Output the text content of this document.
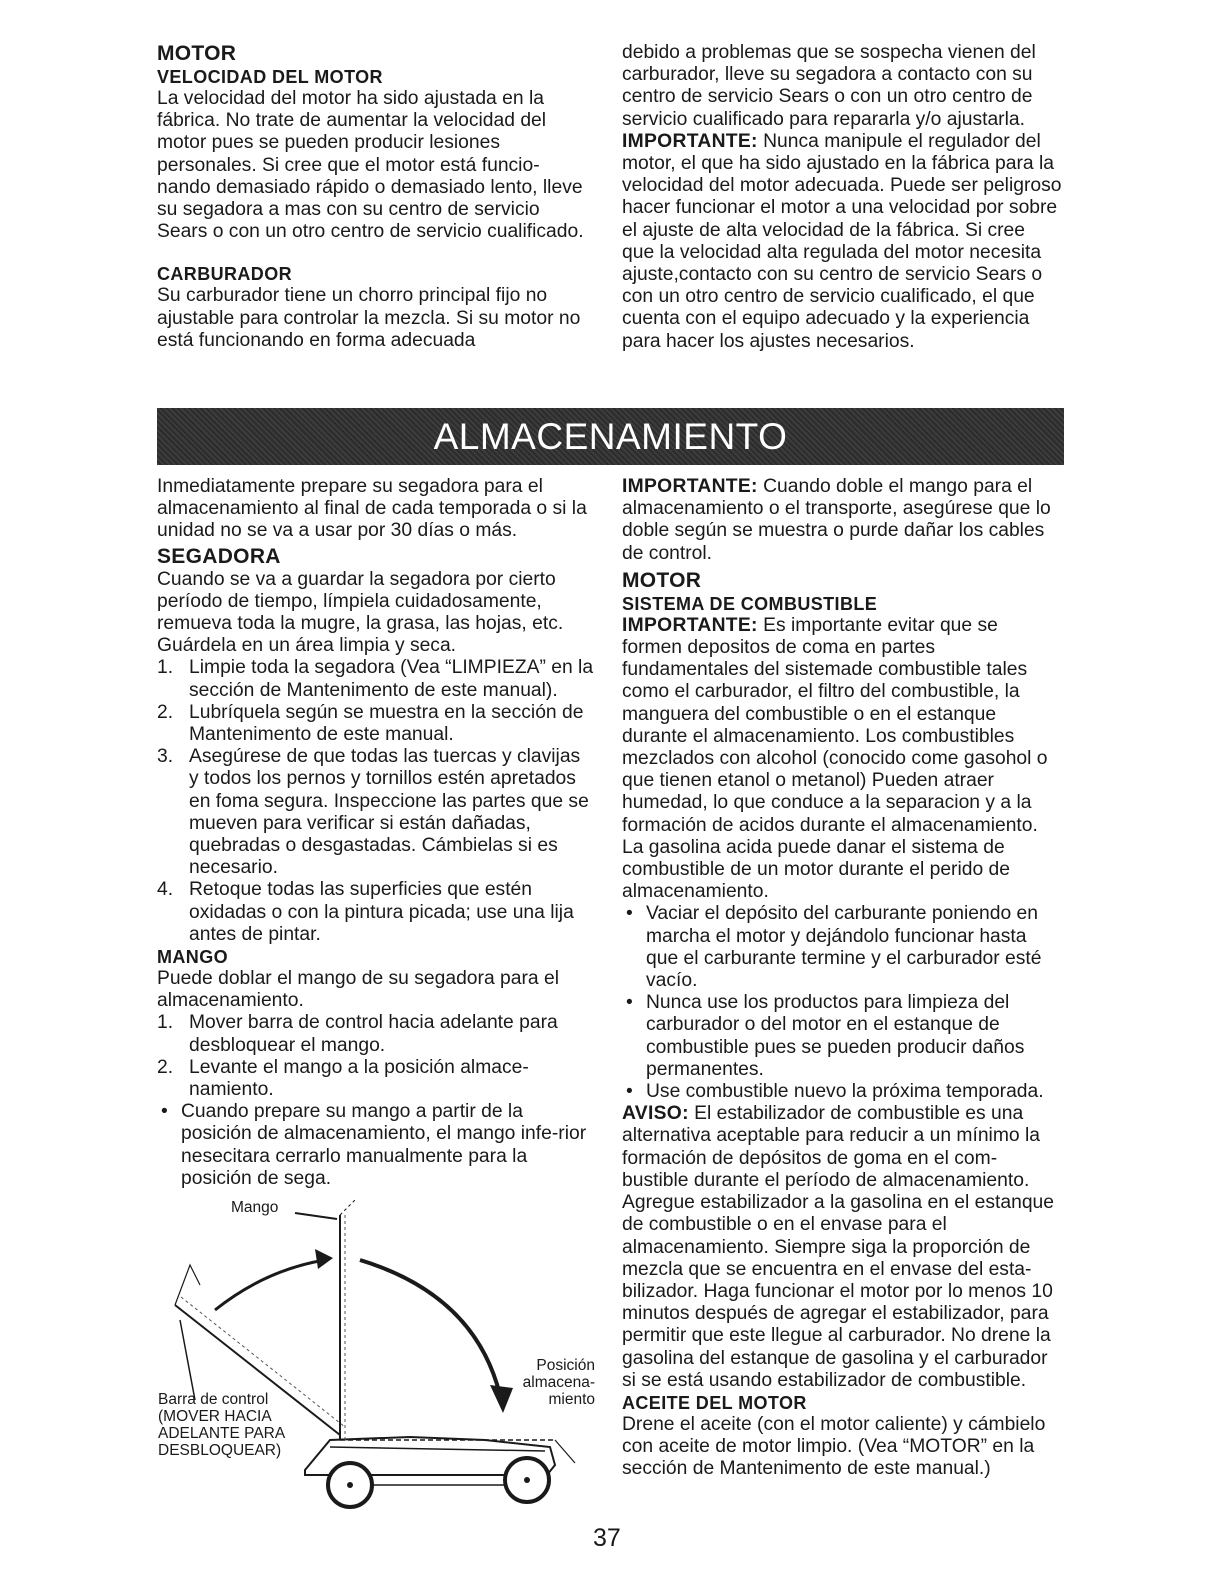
MOTOR
VELOCIDAD DEL MOTOR

La velocidad del motor ha sido ajustada en la fábrica. No trate de aumentar la velocidad del motor pues se pueden producir lesiones personales. Si cree que el motor está funcio-nando demasiado rápido o demasiado lento, lleve su segadora a mas con su centro de servicio Sears o con un otro centro de servicio cualificado.

CARBURADOR

Su carburador tiene un chorro principal fijo no ajustable para controlar la mezcla. Si su motor no está funcionando en forma adecuada

debido a problemas que se sospecha vienen del carburador, lleve su segadora a contacto con su centro de servicio Sears o con un otro centro de servicio cualificado para repararla y/o ajustarla.

IMPORTANTE: Nunca manipule el regulador del motor, el que ha sido ajustado en la fábrica para la velocidad del motor adecuada. Puede ser peligroso hacer funcionar el motor a una velocidad por sobre el ajuste de alta velocidad de la fábrica. Si cree que la velocidad alta regulada del motor necesita ajuste,contacto con su centro de servicio Sears o con un otro centro de servicio cualificado, el que cuenta con el equipo adecuado y la experiencia para hacer los ajustes necesarios.

ALMACENAMIENTO

Inmediatamente prepare su segadora para el almacenamiento al final de cada temporada o si la unidad no se va a usar por 30 días o más.

SEGADORA

Cuando se va a guardar la segadora por cierto período de tiempo, límpiela cuidadosamente, remueva toda la mugre, la grasa, las hojas, etc. Guárdela en un área limpia y seca.

1. Limpie toda la segadora (Vea “LIMPIEZA” en la sección de Mantenimento de este manual).
2. Lubríquela según se muestra en la sección de Mantenimento de este manual.
3. Asegúrese de que todas las tuercas y clavijas y todos los pernos y tornillos estén apretados en foma segura. Inspeccione las partes que se mueven para verificar si están dañadas, quebradas o desgastadas. Cámbielas si es necesario.
4. Retoque todas las superficies que estén oxidadas o con la pintura picada; use una lija antes de pintar.
MANGO

Puede doblar el mango de su segadora para el almacenamiento.

1. Mover barra de control hacia adelante para desbloquear el mango.
2. Levante el mango a la posición almace-namiento.
• Cuando prepare su mango a partir de la posición de almacenamiento, el mango infe-rior nesecitara cerrarlo manualmente para la posición de sega.
Mango
Posición almacena-miento
Barra de control (MOVER HACIA ADELANTE PARA DESBLOQUEAR)

IMPORTANTE: Cuando doble el mango para el almacenamiento o el transporte, asegúrese que lo doble según se muestra o purde dañar los cables de control.

MOTOR
SISTEMA DE COMBUSTIBLE

IMPORTANTE: Es importante evitar que se formen depositos de coma en partes fundamentales del sistemade combustible tales como el carburador, el filtro del combustible, la manguera del combustible o en el estanque durante el almacenamiento. Los combustibles mezclados con alcohol (conocido come gasohol o que tienen etanol o metanol) Pueden atraer humedad, lo que conduce a la separacion y a la formación de acidos durante el almacenamiento. La gasolina acida puede danar el sistema de combustible de un motor durante el perido de almacenamiento.

• Vaciar el depósito del carburante poniendo en marcha el motor y dejándolo funcionar hasta que el carburante termine y el carburador esté vacío.
• Nunca use los productos para limpieza del carburador o del motor en el estanque de combustible pues se pueden producir daños permanentes.
• Use combustible nuevo la próxima temporada.

AVISO: El estabilizador de combustible es una alternativa aceptable para reducir a un mínimo la formación de depósitos de goma en el com-bustible durante el período de almacenamiento. Agregue estabilizador a la gasolina en el estanque de combustible o en el envase para el almacenamiento. Siempre siga la proporción de mezcla que se encuentra en el envase del esta-bilizador. Haga funcionar el motor por lo menos 10 minutos después de agregar el estabilizador, para permitir que este llegue al carburador. No drene la gasolina del estanque de gasolina y el carburador si se está usando estabilizador de combustible.

ACEITE DEL MOTOR

Drene el aceite (con el motor caliente) y cámbielo con aceite de motor limpio. (Vea “MOTOR” en la sección de Mantenimento de este manual.)

37
